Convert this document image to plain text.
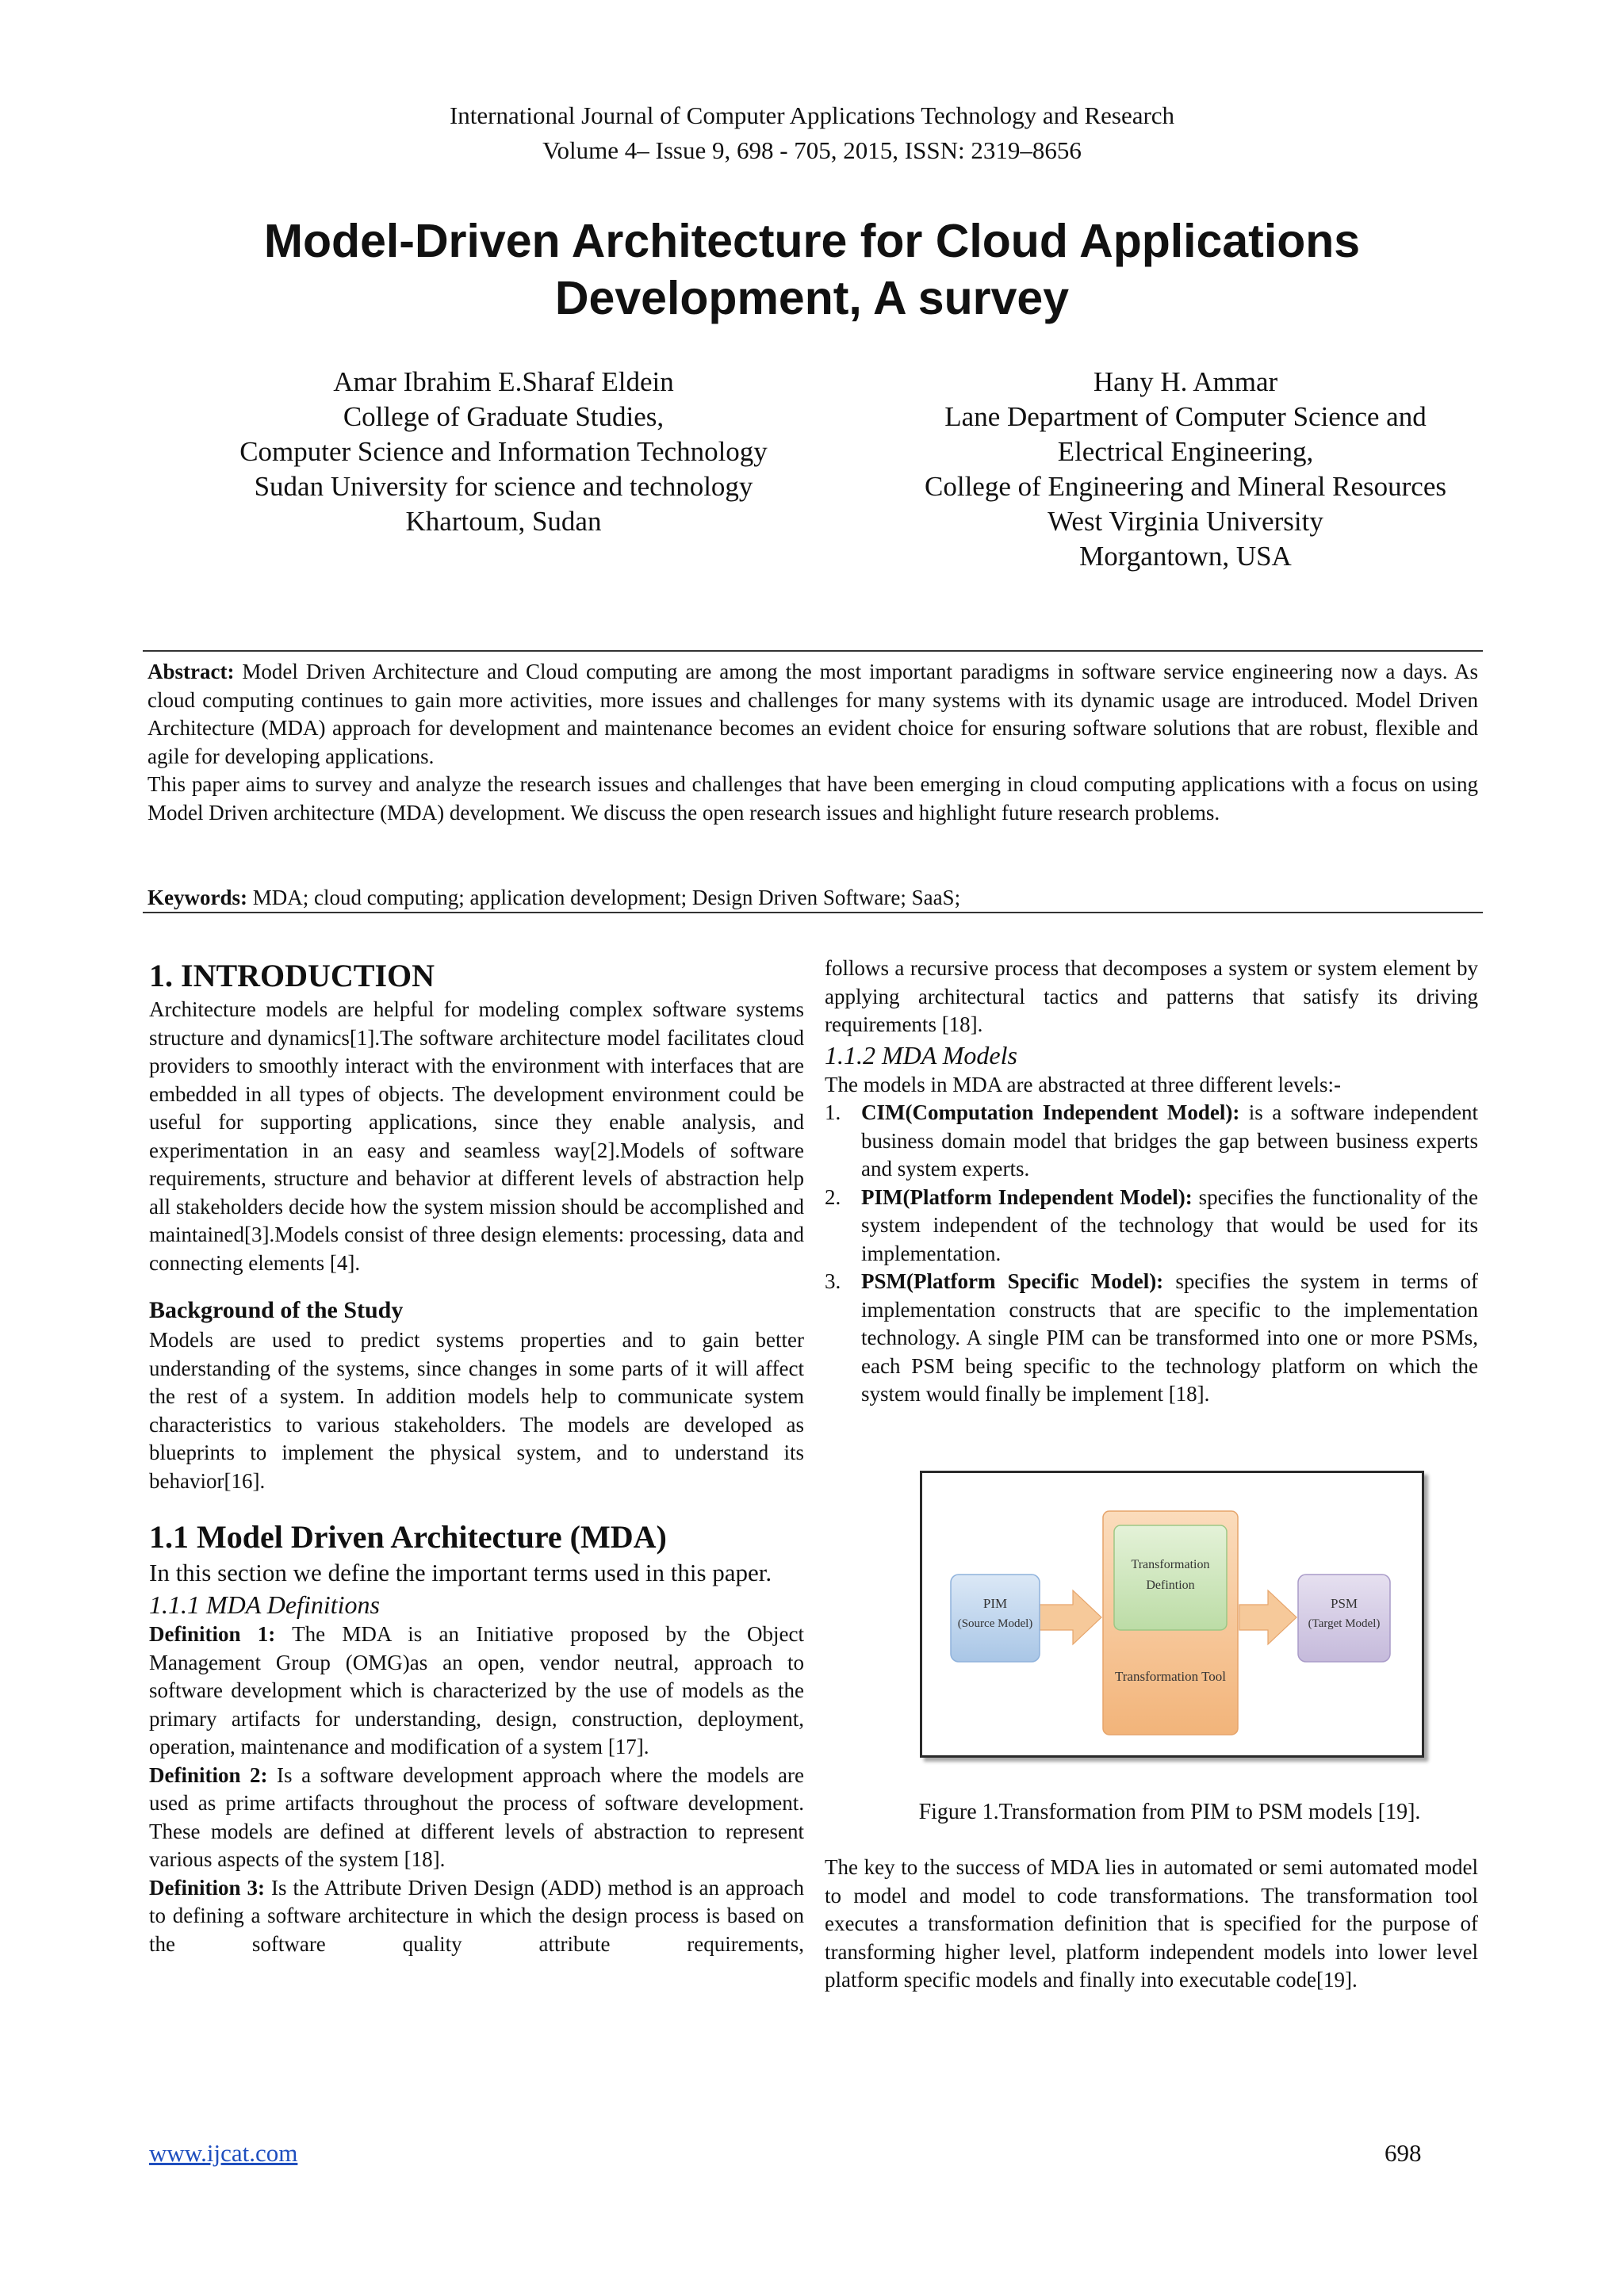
International Journal of Computer Applications Technology and Research
Volume 4– Issue 9, 698 - 705, 2015, ISSN: 2319–8656
Model-Driven Architecture for Cloud Applications
Development, A survey
Amar Ibrahim E.Sharaf Eldein
College of Graduate Studies,
Computer Science and Information Technology
Sudan University for science and technology
Khartoum, Sudan
Hany H. Ammar
Lane Department of Computer Science and
Electrical Engineering,
College of Engineering and Mineral Resources
West Virginia University
Morgantown, USA

Abstract: Model Driven Architecture and Cloud computing are among the most important paradigms in software service engineering now a days. As cloud computing continues to gain more activities, more issues and challenges for many systems with its dynamic usage are introduced. Model Driven Architecture (MDA) approach for development and maintenance becomes an evident choice for ensuring software solutions that are robust, flexible and agile for developing applications.

This paper aims to survey and analyze the research issues and challenges that have been emerging in cloud computing applications with a focus on using Model Driven architecture (MDA) development. We discuss the open research issues and highlight future research problems.

Keywords: MDA; cloud computing; application development; Design Driven Software; SaaS;

1. INTRODUCTION

Architecture models are helpful for modeling complex software systems structure and dynamics[1].The software architecture model facilitates cloud providers to smoothly interact with the environment with interfaces that are embedded in all types of objects. The development environment could be useful for supporting applications, since they enable analysis, and experimentation in an easy and seamless way[2].Models of software requirements, structure and behavior at different levels of abstraction help all stakeholders decide how the system mission should be accomplished and maintained[3].Models consist of three design elements: processing, data and connecting elements [4].

Background of the Study

Models are used to predict systems properties and to gain better understanding of the systems, since changes in some parts of it will affect the rest of a system. In addition models help to communicate system characteristics to various stakeholders. The models are developed as blueprints to implement the physical system, and to understand its behavior[16].

1.1 Model Driven Architecture (MDA)

In this section we define the important terms used in this paper.

1.1.1 MDA Definitions

Definition 1: The MDA is an Initiative proposed by the Object Management Group (OMG)as an open, vendor neutral, approach to software development which is characterized by the use of models as the primary artifacts for understanding, design, construction, deployment, operation, maintenance and modification of a system [17].

Definition 2: Is a software development approach where the models are used as prime artifacts throughout the process of software development. These models are defined at different levels of abstraction to represent various aspects of the system [18].

Definition 3: Is the Attribute Driven Design (ADD) method is an approach to defining a software architecture in which the design process is based on the software quality attribute requirements,

follows a recursive process that decomposes a system or system element by applying architectural tactics and patterns that satisfy its driving requirements [18].

1.1.2 MDA Models

The models in MDA are abstracted at three different levels:-

1. CIM(Computation Independent Model): is a software independent business domain model that bridges the gap between business experts and system experts.

2. PIM(Platform Independent Model): specifies the functionality of the system independent of the technology that would be used for its implementation.

3. PSM(Platform Specific Model): specifies the system in terms of implementation constructs that are specific to the implementation technology. A single PIM can be transformed into one or more PSMs, each PSM being specific to the technology platform on which the system would finally be implement [18].

PIM
(Source Model)
Transformation
Defintion
Transformation Tool
PSM
(Target Model)
Figure 1.Transformation from PIM to PSM models [19].

The key to the success of MDA lies in automated or semi automated model to model and model to code transformations. The transformation tool executes a transformation definition that is specified for the purpose of transforming higher level, platform independent models into lower level platform specific models and finally into executable code[19].

www.ijcat.com	698
